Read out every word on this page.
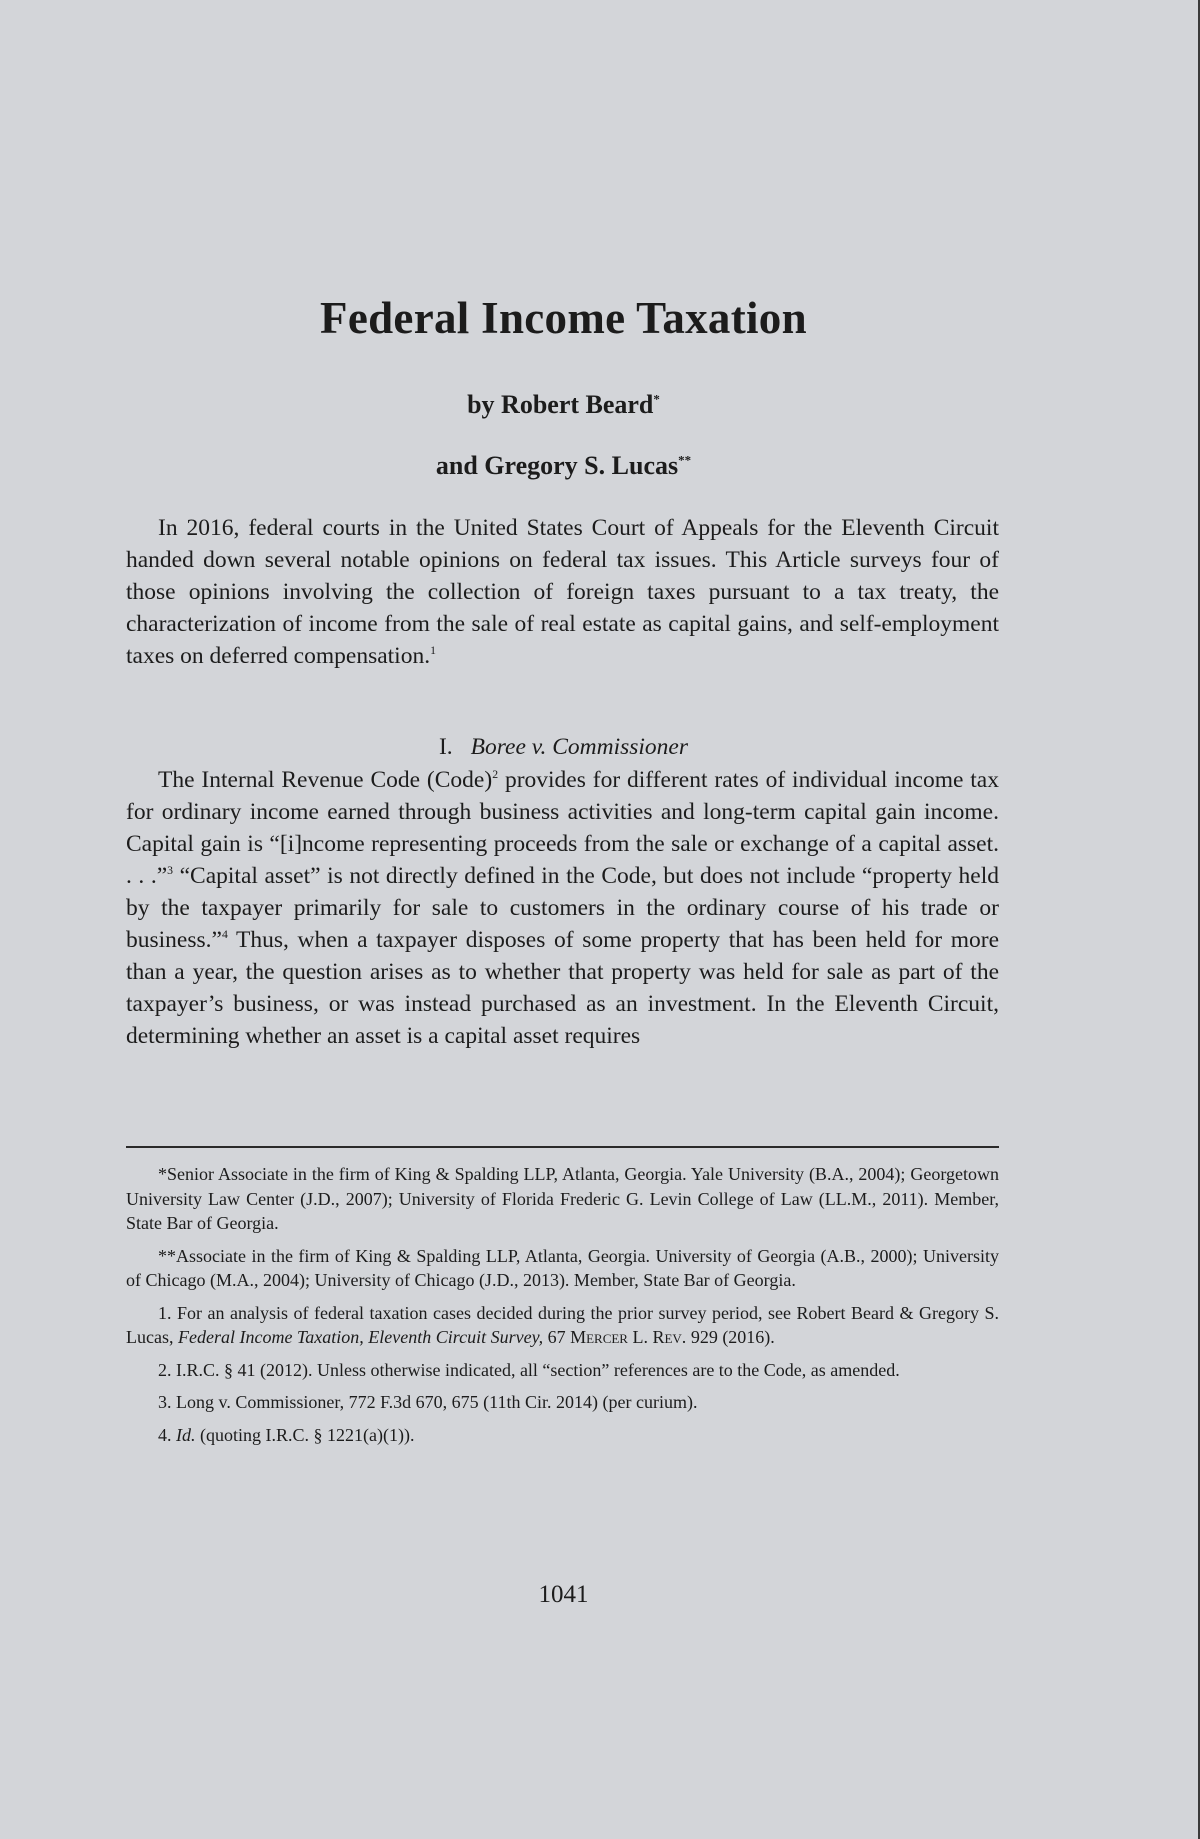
Federal Income Taxation

by Robert Beard*

and Gregory S. Lucas**

In 2016, federal courts in the United States Court of Appeals for the Eleventh Circuit handed down several notable opinions on federal tax issues. This Article surveys four of those opinions involving the collection of foreign taxes pursuant to a tax treaty, the characterization of income from the sale of real estate as capital gains, and self-employment taxes on deferred compensation.$^1$

I. Boree v. Commissioner

The Internal Revenue Code (Code)$^2$ provides for different rates of individual income tax for ordinary income earned through business activities and long-term capital gain income. Capital gain is “[i]ncome representing proceeds from the sale or exchange of a capital asset. . . .”$^3$ “Capital asset” is not directly defined in the Code, but does not include “property held by the taxpayer primarily for sale to customers in the ordinary course of his trade or business.”$^4$ Thus, when a taxpayer disposes of some property that has been held for more than a year, the question arises as to whether that property was held for sale as part of the taxpayer’s business, or was instead purchased as an investment. In the Eleventh Circuit, determining whether an asset is a capital asset requires

*Senior Associate in the firm of King & Spalding LLP, Atlanta, Georgia. Yale University (B.A., 2004); Georgetown University Law Center (J.D., 2007); University of Florida Frederic G. Levin College of Law (LL.M., 2011). Member, State Bar of Georgia.

**Associate in the firm of King & Spalding LLP, Atlanta, Georgia. University of Georgia (A.B., 2000); University of Chicago (M.A., 2004); University of Chicago (J.D., 2013). Member, State Bar of Georgia.

1. For an analysis of federal taxation cases decided during the prior survey period, see Robert Beard & Gregory S. Lucas, Federal Income Taxation, Eleventh Circuit Survey, 67 Mercer L. Rev. 929 (2016).

2. I.R.C. § 41 (2012). Unless otherwise indicated, all “section” references are to the Code, as amended.

3. Long v. Commissioner, 772 F.3d 670, 675 (11th Cir. 2014) (per curium).

4. Id. (quoting I.R.C. § 1221(a)(1)).

1041
